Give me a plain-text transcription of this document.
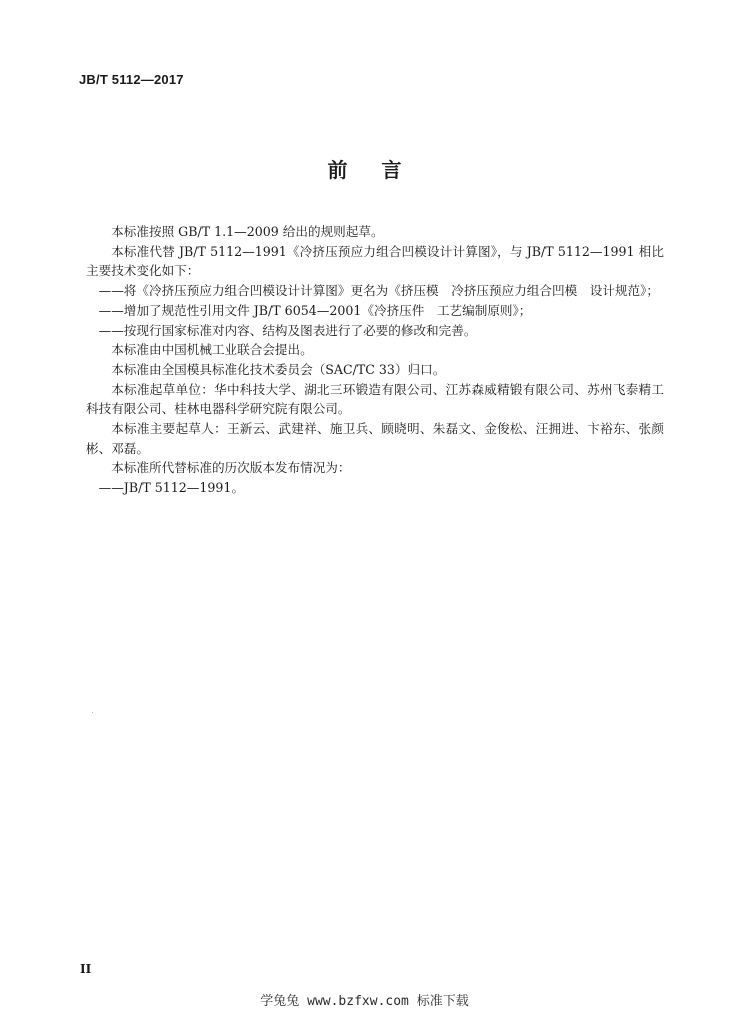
JB/T 5112—2017
前言

本标准按照 GB/T 1.1—2009 给出的规则起草。

本标准代替 JB/T 5112—1991《冷挤压预应力组合凹模设计计算图》，与 JB/T 5112—1991 相比主要技术变化如下：

——将《冷挤压预应力组合凹模设计计算图》更名为《挤压模　冷挤压预应力组合凹模　设计规范》；

——增加了规范性引用文件 JB/T 6054—2001《冷挤压件　工艺编制原则》；

——按现行国家标准对内容、结构及图表进行了必要的修改和完善。

本标准由中国机械工业联合会提出。

本标准由全国模具标准化技术委员会（SAC/TC 33）归口。

本标准起草单位：华中科技大学、湖北三环锻造有限公司、江苏森威精锻有限公司、苏州飞泰精工科技有限公司、桂林电器科学研究院有限公司。

本标准主要起草人：王新云、武建祥、施卫兵、顾晓明、朱磊文、金俊松、汪拥进、卞裕东、张颜彬、邓磊。

本标准所代替标准的历次版本发布情况为：

——JB/T 5112—1991。

II
学兔兔 www.bzfxw.com 标准下载
